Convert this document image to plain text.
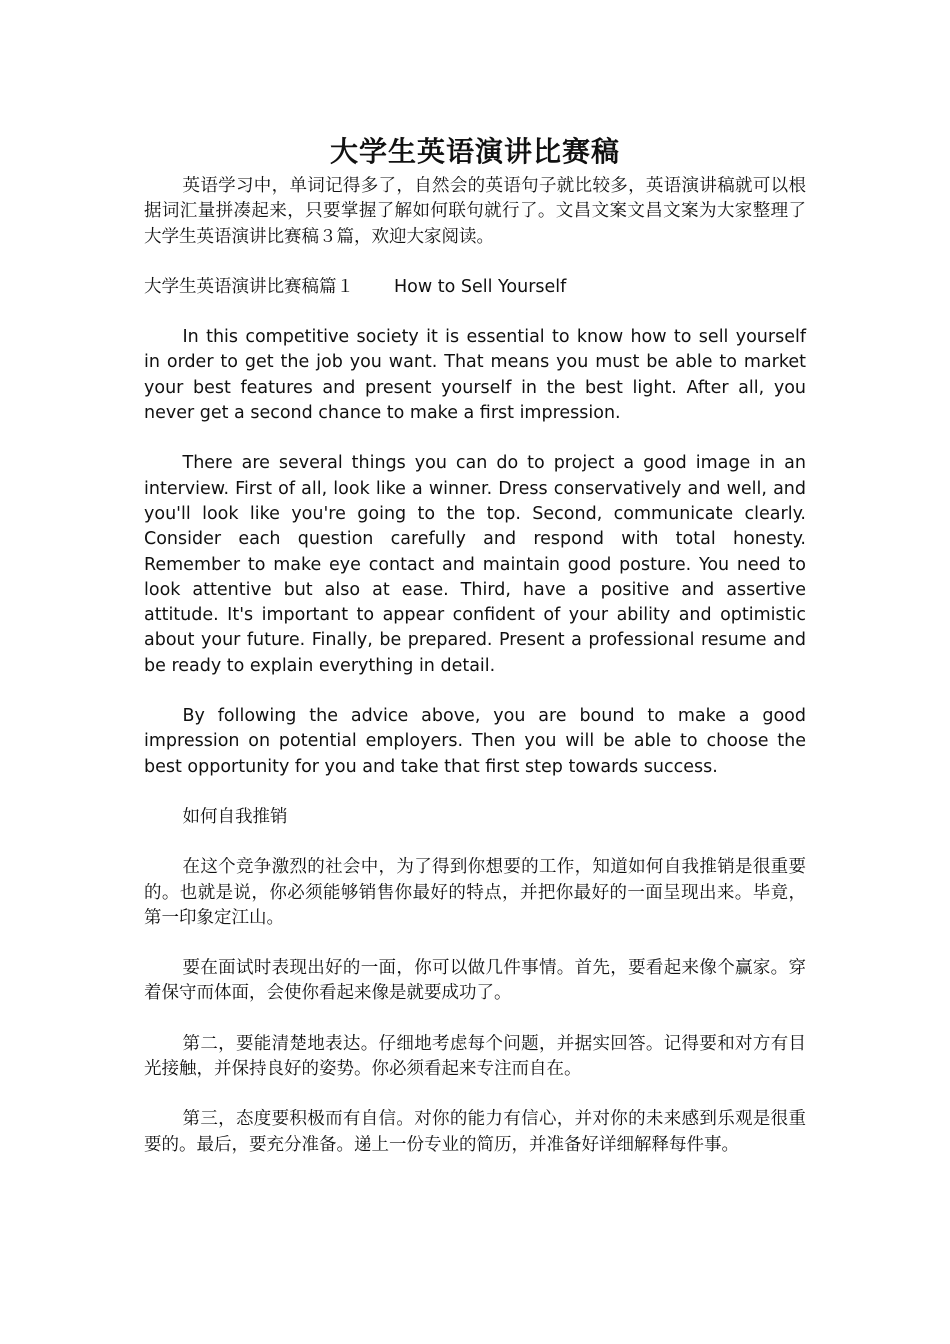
大学生英语演讲比赛稿

英语学习中，单词记得多了，自然会的英语句子就比较多，英语演讲稿就可以根据词汇量拼凑起来，只要掌握了解如何联句就行了。文昌文案文昌文案为大家整理了大学生英语演讲比赛稿３篇，欢迎大家阅读。

大学生英语演讲比赛稿篇１ How to Sell Yourself

In this competitive society it is essential to know how to sell yourself in order to get the job you want. That means you must be able to market your best features and present yourself in the best light. After all, you never get a second chance to make a first impression.

There are several things you can do to project a good image in an interview. First of all, look like a winner. Dress conservatively and well, and you'll look like you're going to the top. Second, communicate clearly. Consider each question carefully and respond with total honesty. Remember to make eye contact and maintain good posture. You need to look attentive but also at ease. Third, have a positive and assertive attitude. It's important to appear confident of your ability and optimistic about your future. Finally, be prepared. Present a professional resume and be ready to explain everything in detail.

By following the advice above, you are bound to make a good impression on potential employers. Then you will be able to choose the best opportunity for you and take that first step towards success.

如何自我推销

在这个竞争激烈的社会中，为了得到你想要的工作，知道如何自我推销是很重要的。也就是说，你必须能够销售你最好的特点，并把你最好的一面呈现出来。毕竟，第一印象定江山。

要在面试时表现出好的一面，你可以做几件事情。首先，要看起来像个赢家。穿着保守而体面，会使你看起来像是就要成功了。

第二，要能清楚地表达。仔细地考虑每个问题，并据实回答。记得要和对方有目光接触，并保持良好的姿势。你必须看起来专注而自在。

第三，态度要积极而有自信。对你的能力有信心，并对你的未来感到乐观是很重要的。最后，要充分准备。递上一份专业的简历，并准备好详细解释每件事。
